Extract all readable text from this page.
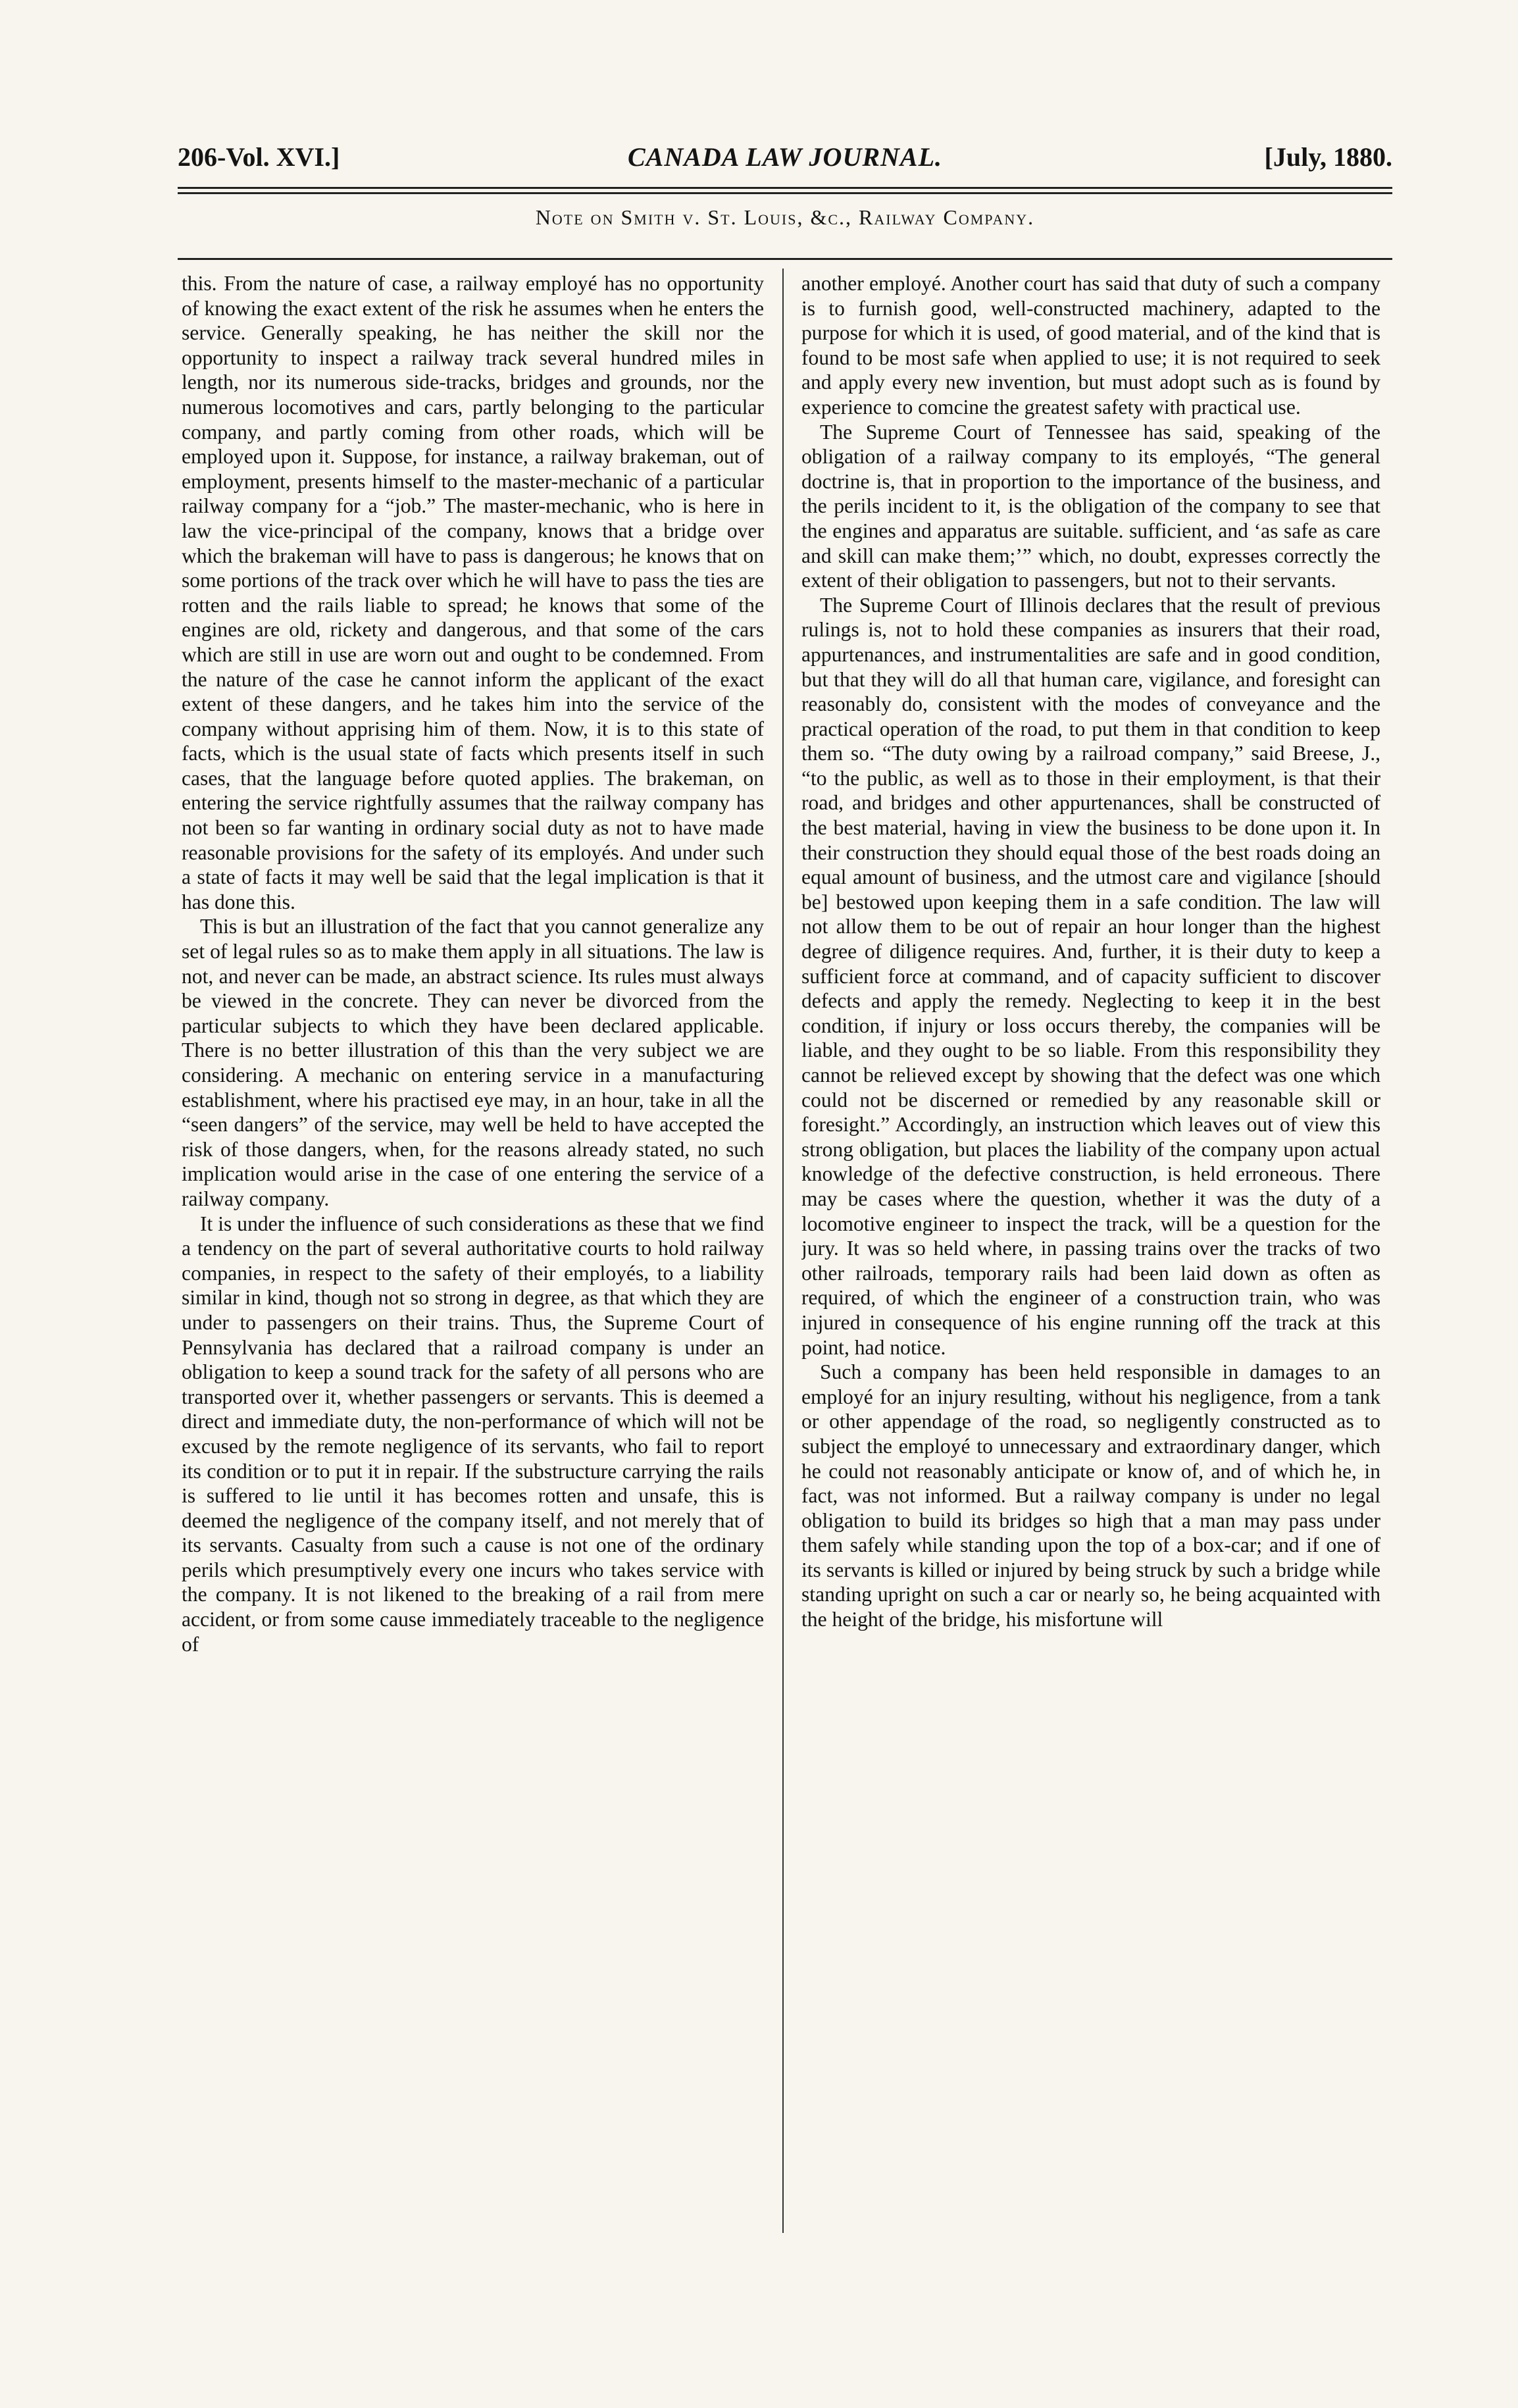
206-Vol. XVI.]	CANADA LAW JOURNAL.	[July, 1880.
Note on Smith v. St. Louis, &c., Railway Company.

this. From the nature of case, a railway employé has no opportunity of knowing the exact extent of the risk he assumes when he enters the service. Generally speaking, he has neither the skill nor the opportunity to inspect a railway track several hundred miles in length, nor its numerous side-tracks, bridges and grounds, nor the numerous locomotives and cars, partly belonging to the particular company, and partly coming from other roads, which will be employed upon it. Suppose, for instance, a railway brakeman, out of employment, presents himself to the master-mechanic of a particular railway company for a “job.” The master-mechanic, who is here in law the vice-principal of the company, knows that a bridge over which the brakeman will have to pass is dangerous; he knows that on some portions of the track over which he will have to pass the ties are rotten and the rails liable to spread; he knows that some of the engines are old, rickety and dangerous, and that some of the cars which are still in use are worn out and ought to be condemned. From the nature of the case he cannot inform the applicant of the exact extent of these dangers, and he takes him into the service of the company without apprising him of them. Now, it is to this state of facts, which is the usual state of facts which presents itself in such cases, that the language before quoted applies. The brakeman, on entering the service rightfully assumes that the railway company has not been so far wanting in ordinary social duty as not to have made reasonable provisions for the safety of its employés. And under such a state of facts it may well be said that the legal implication is that it has done this.

This is but an illustration of the fact that you cannot generalize any set of legal rules so as to make them apply in all situations. The law is not, and never can be made, an abstract science. Its rules must always be viewed in the concrete. They can never be divorced from the particular subjects to which they have been declared applicable. There is no better illustration of this than the very subject we are considering. A mechanic on entering service in a manufacturing establishment, where his practised eye may, in an hour, take in all the “seen dangers” of the service, may well be held to have accepted the risk of those dangers, when, for the reasons already stated, no such implication would arise in the case of one entering the service of a railway company.

It is under the influence of such considerations as these that we find a tendency on the part of several authoritative courts to hold railway companies, in respect to the safety of their employés, to a liability similar in kind, though not so strong in degree, as that which they are under to passengers on their trains. Thus, the Supreme Court of Pennsylvania has declared that a railroad company is under an obligation to keep a sound track for the safety of all persons who are transported over it, whether passengers or servants. This is deemed a direct and immediate duty, the non-performance of which will not be excused by the remote negligence of its servants, who fail to report its condition or to put it in repair. If the substructure carrying the rails is suffered to lie until it has becomes rotten and unsafe, this is deemed the negligence of the company itself, and not merely that of its servants. Casualty from such a cause is not one of the ordinary perils which presumptively every one incurs who takes service with the company. It is not likened to the breaking of a rail from mere accident, or from some cause immediately traceable to the negligence of

another employé. Another court has said that duty of such a company is to furnish good, well-constructed machinery, adapted to the purpose for which it is used, of good material, and of the kind that is found to be most safe when applied to use; it is not required to seek and apply every new invention, but must adopt such as is found by experience to comcine the greatest safety with practical use.

The Supreme Court of Tennessee has said, speaking of the obligation of a railway company to its employés, “The general doctrine is, that in proportion to the importance of the business, and the perils incident to it, is the obligation of the company to see that the engines and apparatus are suitable. sufficient, and ‘as safe as care and skill can make them;’” which, no doubt, expresses correctly the extent of their obligation to passengers, but not to their servants.

The Supreme Court of Illinois declares that the result of previous rulings is, not to hold these companies as insurers that their road, appurtenances, and instrumentalities are safe and in good condition, but that they will do all that human care, vigilance, and foresight can reasonably do, consistent with the modes of conveyance and the practical operation of the road, to put them in that condition to keep them so. “The duty owing by a railroad company,” said Breese, J., “to the public, as well as to those in their employment, is that their road, and bridges and other appurtenances, shall be constructed of the best material, having in view the business to be done upon it. In their construction they should equal those of the best roads doing an equal amount of business, and the utmost care and vigilance [should be] bestowed upon keeping them in a safe condition. The law will not allow them to be out of repair an hour longer than the highest degree of diligence requires. And, further, it is their duty to keep a sufficient force at command, and of capacity sufficient to discover defects and apply the remedy. Neglecting to keep it in the best condition, if injury or loss occurs thereby, the companies will be liable, and they ought to be so liable. From this responsibility they cannot be relieved except by showing that the defect was one which could not be discerned or remedied by any reasonable skill or foresight.” Accordingly, an instruction which leaves out of view this strong obligation, but places the liability of the company upon actual knowledge of the defective construction, is held erroneous. There may be cases where the question, whether it was the duty of a locomotive engineer to inspect the track, will be a question for the jury. It was so held where, in passing trains over the tracks of two other railroads, temporary rails had been laid down as often as required, of which the engineer of a construction train, who was injured in consequence of his engine running off the track at this point, had notice.

Such a company has been held responsible in damages to an employé for an injury resulting, without his negligence, from a tank or other appendage of the road, so negligently constructed as to subject the employé to unnecessary and extraordinary danger, which he could not reasonably anticipate or know of, and of which he, in fact, was not informed. But a railway company is under no legal obligation to build its bridges so high that a man may pass under them safely while standing upon the top of a box-car; and if one of its servants is killed or injured by being struck by such a bridge while standing upright on such a car or nearly so, he being acquainted with the height of the bridge, his misfortune will
